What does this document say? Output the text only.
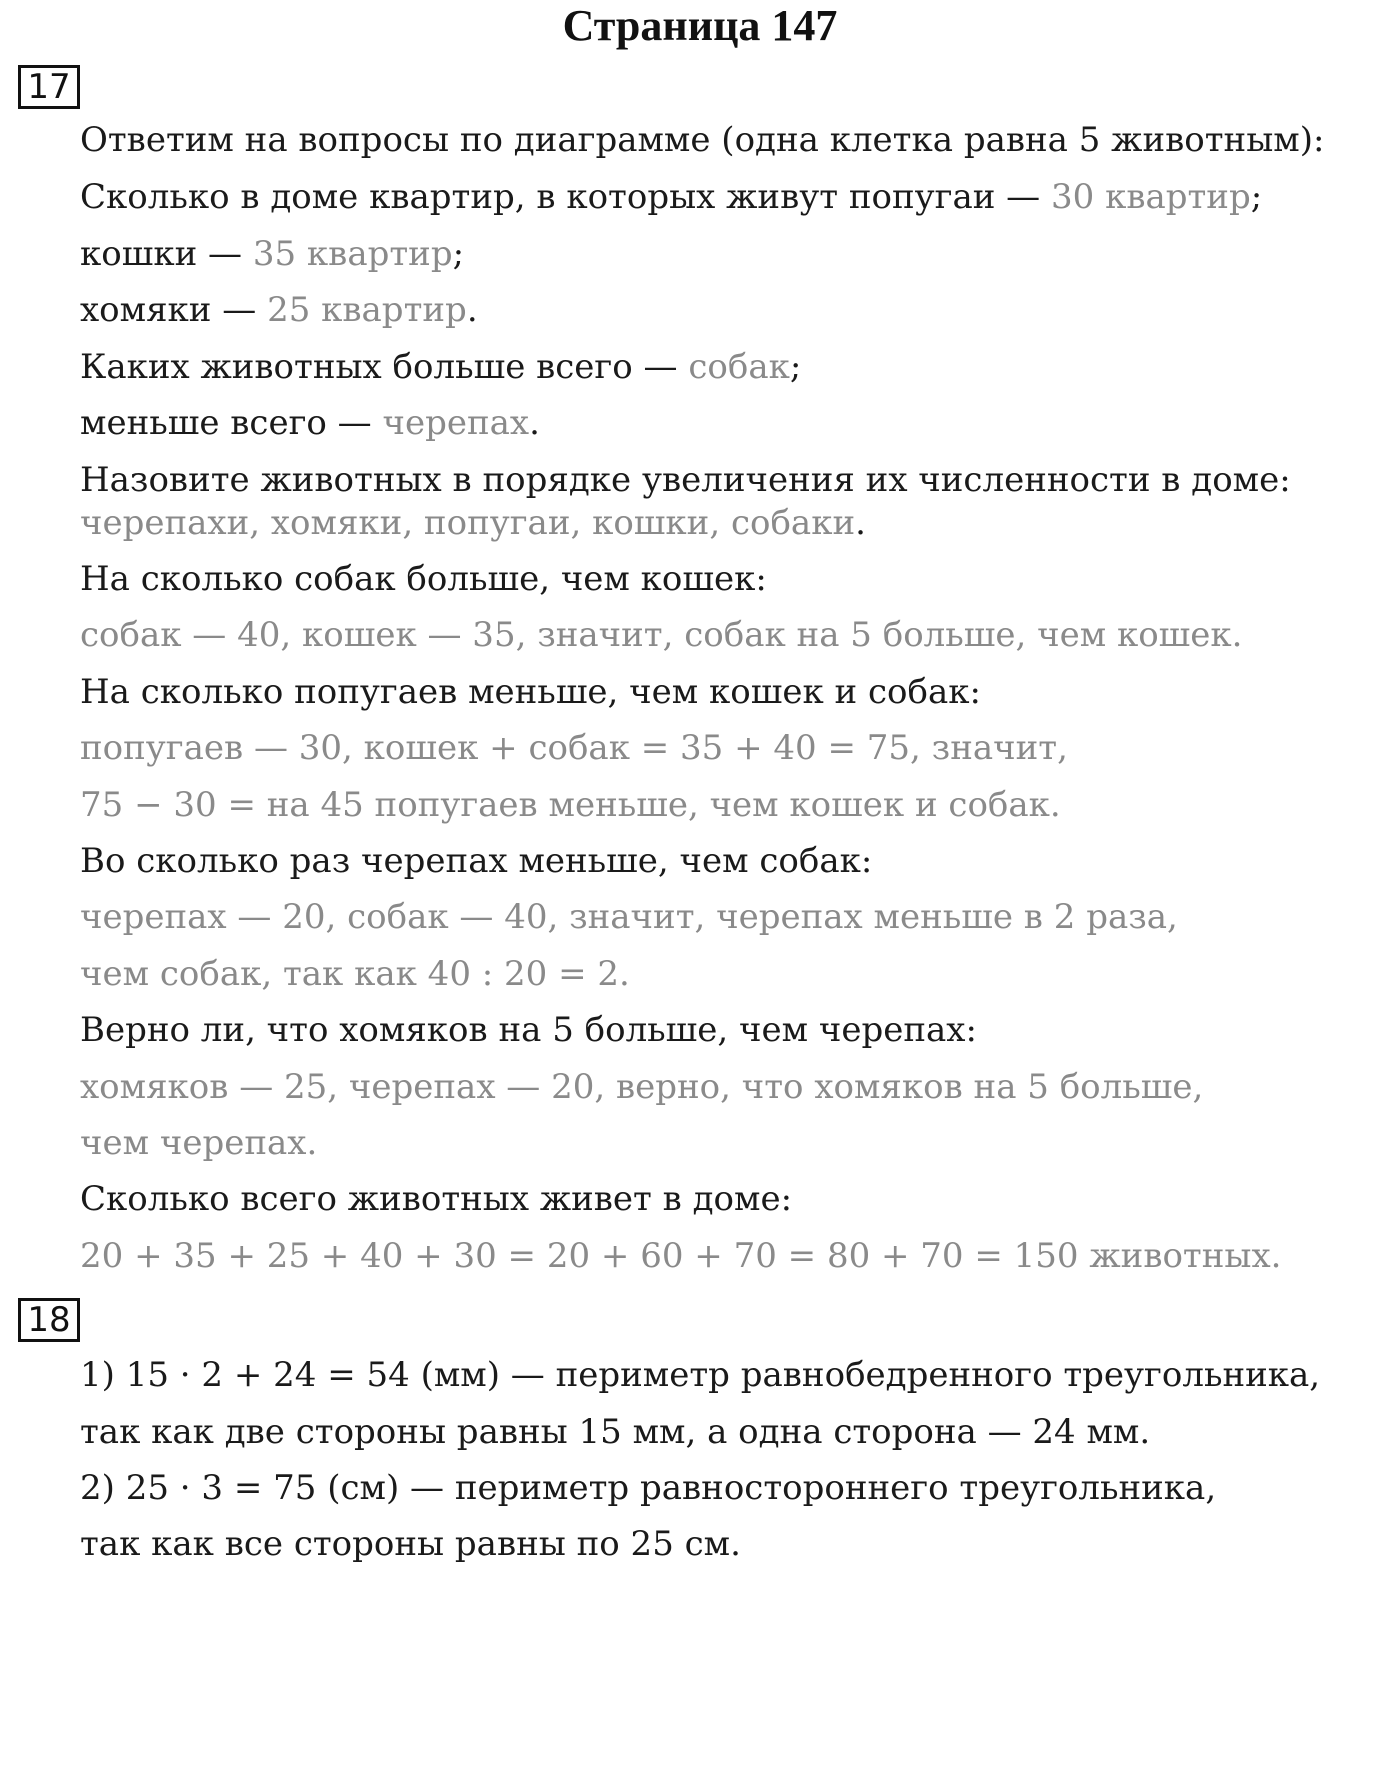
Страница 147
17
Ответим на вопросы по диаграмме (одна клетка равна 5 животным):
Сколько в доме квартир, в которых живут попугаи — 30 квартир;
кошки — 35 квартир;
хомяки — 25 квартир.
Каких животных больше всего — собак;
меньше всего — черепах.
Назовите животных в порядке увеличения их численности в доме:
черепахи, хомяки, попугаи, кошки, собаки.
На сколько собак больше, чем кошек:
собак — 40, кошек — 35, значит, собак на 5 больше, чем кошек.
На сколько попугаев меньше, чем кошек и собак:
попугаев — 30, кошек + собак = 35 + 40 = 75, значит,
75 − 30 = на 45 попугаев меньше, чем кошек и собак.
Во сколько раз черепах меньше, чем собак:
черепах — 20, собак — 40, значит, черепах меньше в 2 раза,
чем собак, так как 40 : 20 = 2.
Верно ли, что хомяков на 5 больше, чем черепах:
хомяков — 25, черепах — 20, верно, что хомяков на 5 больше,
чем черепах.
Сколько всего животных живет в доме:
20 + 35 + 25 + 40 + 30 = 20 + 60 + 70 = 80 + 70 = 150 животных.
18
1) 15 · 2 + 24 = 54 (мм) — периметр равнобедренного треугольника,
так как две стороны равны 15 мм, а одна сторона — 24 мм.
2) 25 · 3 = 75 (см) — периметр равностороннего треугольника,
так как все стороны равны по 25 см.
